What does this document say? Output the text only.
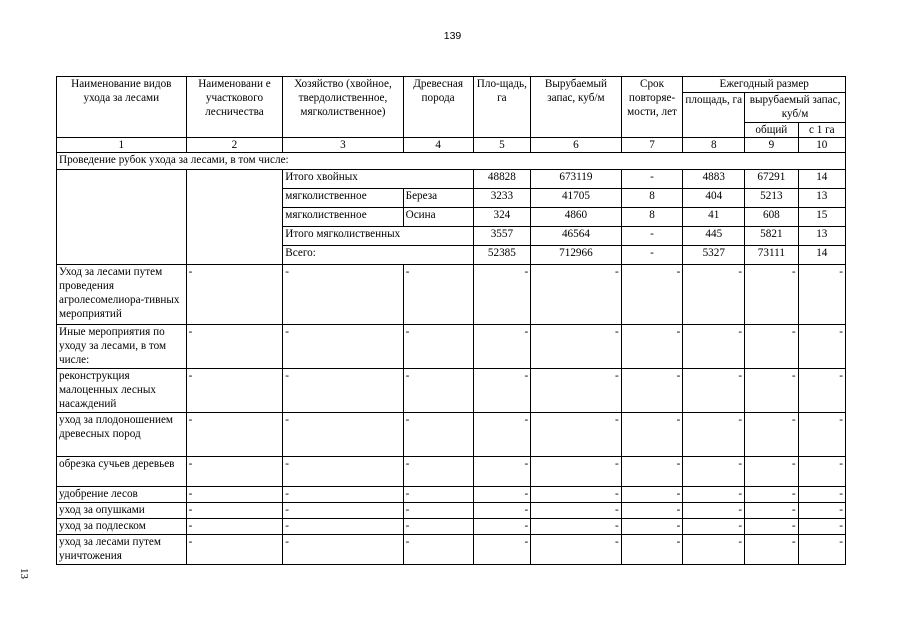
139
13
Наименование видов ухода за лесами	Наименовани е участкового лесничества	Хозяйство (хвойное, твердолиственное, мягколиственное)	Древесная порода	Пло-щадь, га	Вырубаемый запас, куб/м	Срок повторяе-мости, лет	Ежегодный размер		
							площадь, га	вырубаемый запас, куб/м	
								общий	с 1 га
1	2	3	4	5	6	7	8	9	10
Проведение рубок ухода за лесами, в том числе:									
		Итого хвойных		48828	673119	-	4883	67291	14
		мягколиственное	Береза	3233	41705	8	404	5213	13
		мягколиственное	Осина	324	4860	8	41	608	15
		Итого мягколиственных		3557	46564	-	445	5821	13
		Всего:		52385	712966	-	5327	73111	14
Уход за лесами путем проведения агролесомелиора-тивных мероприятий	-	-	-	-	-	-	-	-	-
Иные мероприятия по уходу за лесами, в том числе:	-	-	-	-	-	-	-	-	-
реконструкция малоценных лесных насаждений	-	-	-	-	-	-	-	-	-
уход за плодоношением древесных пород	-	-	-	-	-	-	-	-	-
обрезка сучьев деревьев	-	-	-	-	-	-	-	-	-
удобрение лесов	-	-	-	-	-	-	-	-	-
уход за опушками	-	-	-	-	-	-	-	-	-
уход за подлеском	-	-	-	-	-	-	-	-	-
уход за лесами путем уничтожения	-	-	-	-	-	-	-	-	-
